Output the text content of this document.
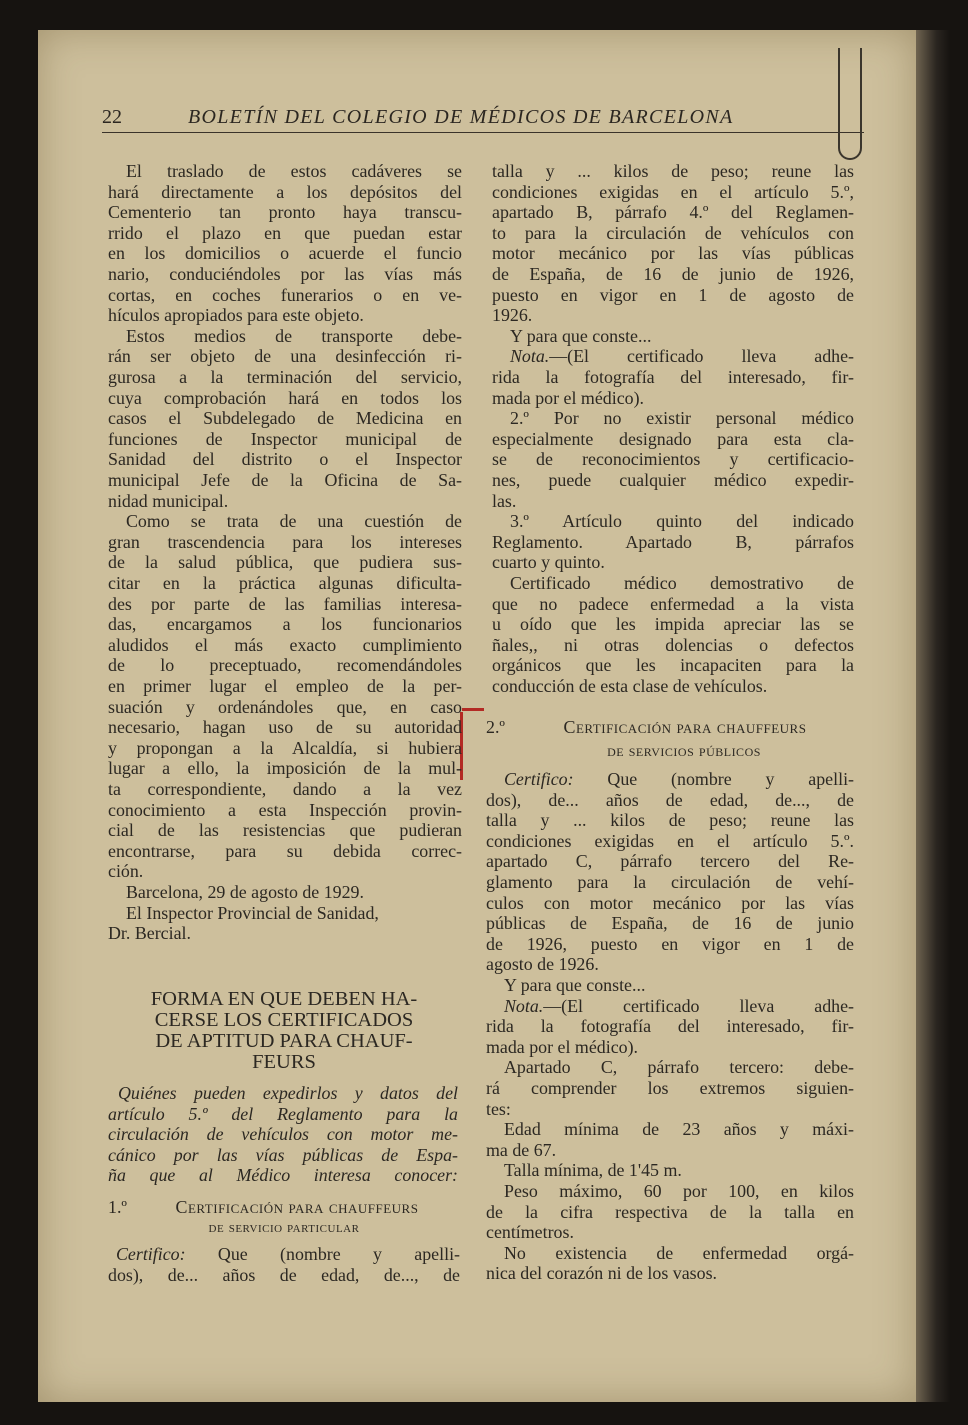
22	BOLETÍN DEL COLEGIO DE MÉDICOS DE BARCELONA
El traslado de estos cadáveres se
hará directamente a los depósitos del
Cementerio tan pronto haya transcu-
rrido el plazo en que puedan estar
en los domicilios o acuerde el funcio
nario, conduciéndoles por las vías más
cortas, en coches funerarios o en ve-
hículos apropiados para este objeto.
Estos medios de transporte debe-
rán ser objeto de una desinfección ri-
gurosa a la terminación del servicio,
cuya comprobación hará en todos los
casos el Subdelegado de Medicina en
funciones de Inspector municipal de
Sanidad del distrito o el Inspector
municipal Jefe de la Oficina de Sa-
nidad municipal.
Como se trata de una cuestión de
gran trascendencia para los intereses
de la salud pública, que pudiera sus-
citar en la práctica algunas dificulta-
des por parte de las familias interesa-
das, encargamos a los funcionarios
aludidos el más exacto cumplimiento
de lo preceptuado, recomendándoles
en primer lugar el empleo de la per-
suación y ordenándoles que, en caso
necesario, hagan uso de su autoridad
y propongan a la Alcaldía, si hubiera
lugar a ello, la imposición de la mul-
ta correspondiente, dando a la vez
conocimiento a esta Inspección provin-
cial de las resistencias que pudieran
encontrarse, para su debida correc-
ción.
Barcelona, 29 de agosto de 1929.
El Inspector Provincial de Sanidad,
Dr. Bercial.
FORMA EN QUE DEBEN HA-
CERSE LOS CERTIFICADOS
DE APTITUD PARA CHAUF-
FEURS
Quiénes pueden expedirlos y datos del
artículo 5.º del Reglamento para la
circulación de vehículos con motor me-
cánico por las vías públicas de Espa-
ña que al Médico interesa conocer:
1.º	Certificación para chauffeurs
de servicio particular
Certifico: Que (nombre y apelli-
dos), de... años de edad, de..., de
talla y ... kilos de peso; reune las
condiciones exigidas en el artículo 5.º,
apartado B, párrafo 4.º del Reglamen-
to para la circulación de vehículos con
motor mecánico por las vías públicas
de España, de 16 de junio de 1926,
puesto en vigor en 1 de agosto de
1926.
Y para que conste...
Nota.—(El certificado lleva adhe-
rida la fotografía del interesado, fir-
mada por el médico).
2.º Por no existir personal médico
especialmente designado para esta cla-
se de reconocimientos y certificacio-
nes, puede cualquier médico expedir-
las.
3.º Artículo quinto del indicado
Reglamento. Apartado B, párrafos
cuarto y quinto.
Certificado médico demostrativo de
que no padece enfermedad a la vista
u oído que les impida apreciar las se
ñales,, ni otras dolencias o defectos
orgánicos que les incapaciten para la
conducción de esta clase de vehículos.
2.º	Certificación para chauffeurs
de servicios públicos
Certifico: Que (nombre y apelli-
dos), de... años de edad, de..., de
talla y ... kilos de peso; reune las
condiciones exigidas en el artículo 5.º.
apartado C, párrafo tercero del Re-
glamento para la circulación de vehí-
culos con motor mecánico por las vías
públicas de España, de 16 de junio
de 1926, puesto en vigor en 1 de
agosto de 1926.
Y para que conste...
Nota.—(El certificado lleva adhe-
rida la fotografía del interesado, fir-
mada por el médico).
Apartado C, párrafo tercero: debe-
rá comprender los extremos siguien-
tes:
Edad mínima de 23 años y máxi-
ma de 67.
Talla mínima, de 1'45 m.
Peso máximo, 60 por 100, en kilos
de la cifra respectiva de la talla en
centímetros.
No existencia de enfermedad orgá-
nica del corazón ni de los vasos.
